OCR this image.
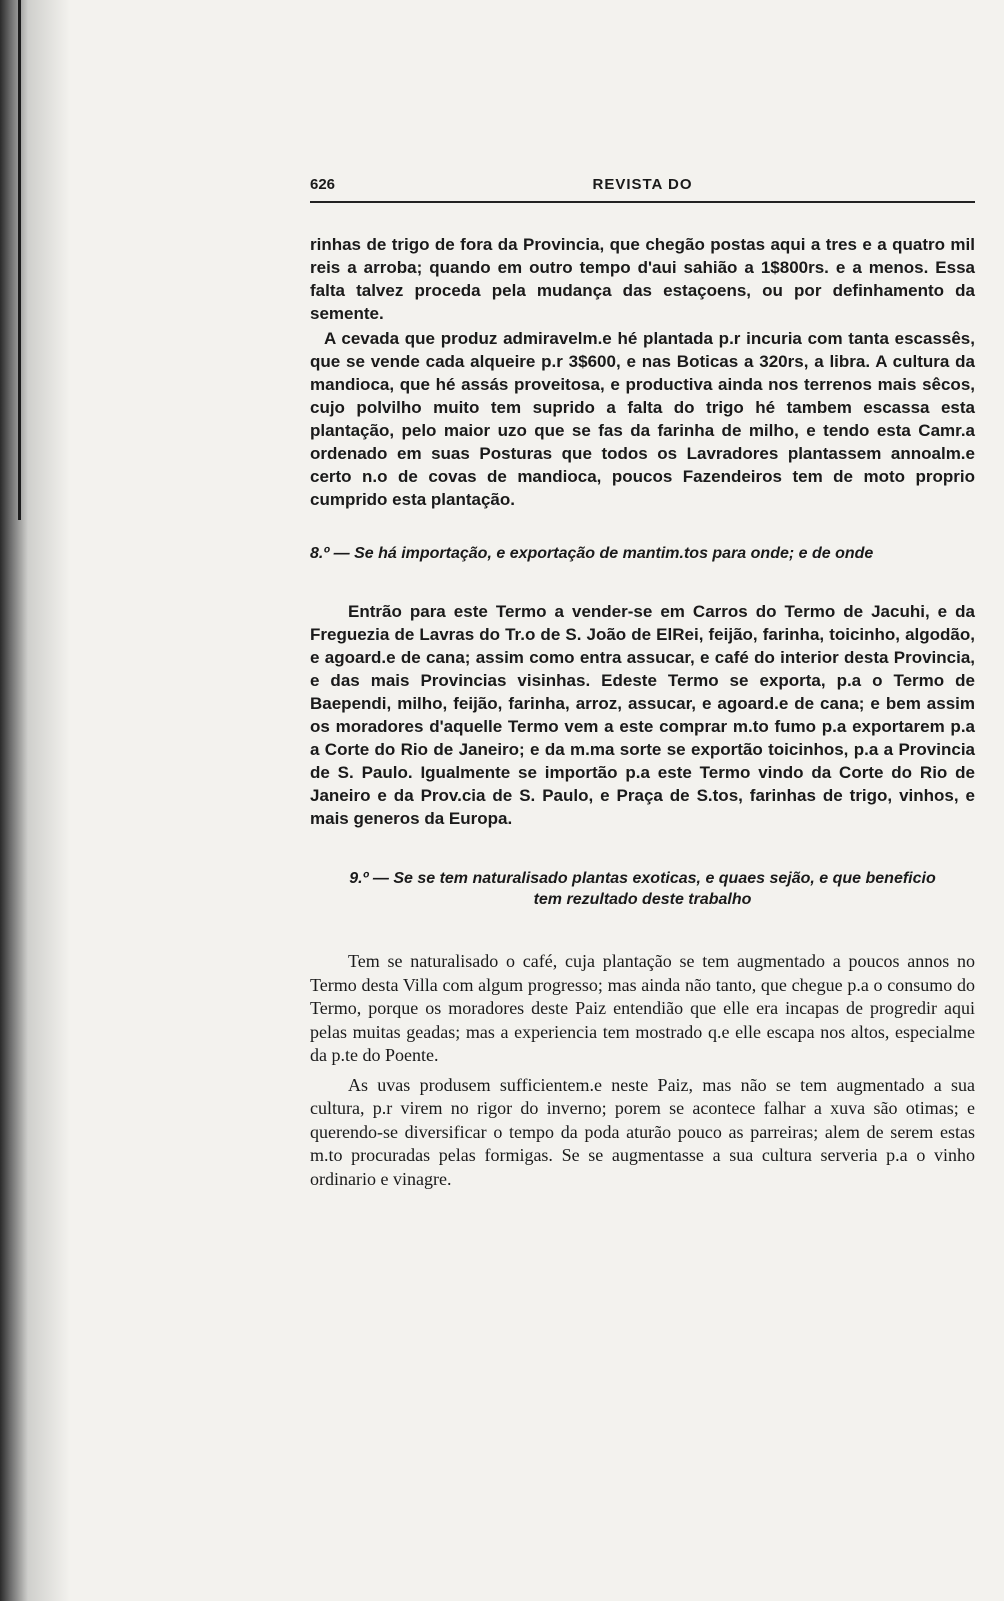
626	REVISTA DO

rinhas de trigo de fora da Provincia, que chegão postas aqui a tres e a quatro mil reis a arroba; quando em outro tempo d'aui sahião a 1$800rs. e a menos. Essa falta talvez proceda pela mudança das estaçoens, ou por definhamento da semente.

A cevada que produz admiravelm.e hé plantada p.r incuria com tanta escassês, que se vende cada alqueire p.r 3$600, e nas Boticas a 320rs, a libra. A cultura da mandioca, que hé assás proveitosa, e productiva ainda nos terrenos mais sêcos, cujo polvilho muito tem suprido a falta do trigo hé tambem escassa esta plantação, pelo maior uzo que se fas da farinha de milho, e tendo esta Camr.a ordenado em suas Posturas que todos os Lavradores plantassem annoalm.e certo n.o de covas de mandioca, poucos Fazendeiros tem de moto proprio cumprido esta plantação.

8.º — Se há importação, e exportação de mantim.tos para onde; e de onde

Entrão para este Termo a vender-se em Carros do Termo de Jacuhi, e da Freguezia de Lavras do Tr.o de S. João de ElRei, feijão, farinha, toicinho, algodão, e agoard.e de cana; assim como entra assucar, e café do interior desta Provincia, e das mais Provincias visinhas. Edeste Termo se exporta, p.a o Termo de Baependi, milho, feijão, farinha, arroz, assucar, e agoard.e de cana; e bem assim os moradores d'aquelle Termo vem a este comprar m.to fumo p.a exportarem p.a a Corte do Rio de Janeiro; e da m.ma sorte se exportão toicinhos, p.a a Provincia de S. Paulo. Igualmente se importão p.a este Termo vindo da Corte do Rio de Janeiro e da Prov.cia de S. Paulo, e Praça de S.tos, farinhas de trigo, vinhos, e mais generos da Europa.

9.º — Se se tem naturalisado plantas exoticas, e quaes sejão, e que beneficio

tem rezultado deste trabalho

Tem se naturalisado o café, cuja plantação se tem augmentado a poucos annos no Termo desta Villa com algum progresso; mas ainda não tanto, que chegue p.a o consumo do Termo, porque os moradores deste Paiz entendião que elle era incapas de progredir aqui pelas muitas geadas; mas a experiencia tem mostrado q.e elle escapa nos altos, especialme da p.te do Poente.

As uvas produsem sufficientem.e neste Paiz, mas não se tem augmentado a sua cultura, p.r virem no rigor do inverno; porem se acontece falhar a xuva são otimas; e querendo-se diversificar o tempo da poda aturão pouco as parreiras; alem de serem estas m.to procuradas pelas formigas. Se se augmentasse a sua cultura serveria p.a o vinho ordinario e vinagre.
